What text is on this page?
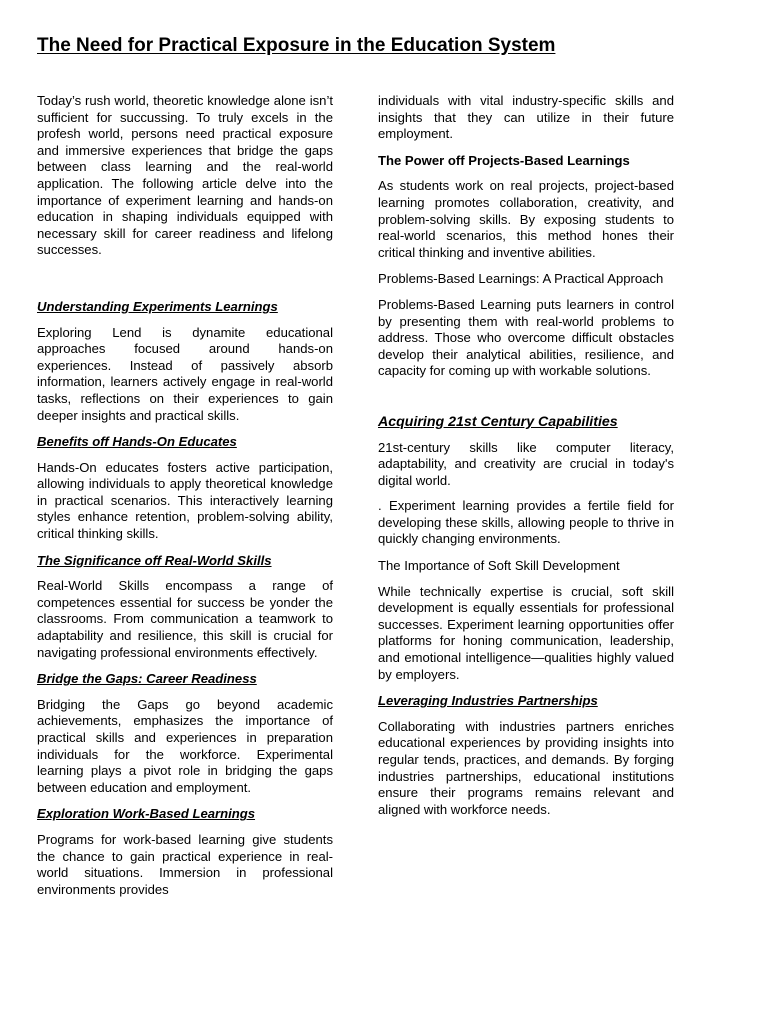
The Need for Practical Exposure in the Education System

Today’s rush world, theoretic knowledge alone isn’t sufficient for succussing. To truly excels in the profesh world, persons need practical exposure and immersive experiences that bridge the gaps between class learning and the real-world application. The following article delve into the importance of experiment learning and hands-on education in shaping individuals equipped with necessary skill for career readiness and lifelong successes.

Understanding Experiments Learnings

Exploring Lend is dynamite educational approaches focused around hands-on experiences. Instead of passively absorb information, learners actively engage in real-world tasks, reflections on their experiences to gain deeper insights and practical skills.

Benefits off Hands-On Educates

Hands-On educates fosters active participation, allowing individuals to apply theoretical knowledge in practical scenarios. This interactively learning styles enhance retention, problem-solving ability, critical thinking skills.

The Significance off Real-World Skills

Real-World Skills encompass a range of competences essential for success be yonder the classrooms. From communication a teamwork to adaptability and resilience, this skill is crucial for navigating professional environments effectively.

Bridge the Gaps: Career Readiness

Bridging the Gaps go beyond academic achievements, emphasizes the importance of practical skills and experiences in preparation individuals for the workforce. Experimental learning plays a pivot role in bridging the gaps between education and employment.

Exploration Work-Based Learnings

Programs for work-based learning give students the chance to gain practical experience in real-world situations. Immersion in professional environments provides

individuals with vital industry-specific skills and insights that they can utilize in their future employment.

The Power off Projects-Based Learnings

As students work on real projects, project-based learning promotes collaboration, creativity, and problem-solving skills. By exposing students to real-world scenarios, this method hones their critical thinking and inventive abilities.

Problems-Based Learnings: A Practical Approach

Problems-Based Learning puts learners in control by presenting them with real-world problems to address. Those who overcome difficult obstacles develop their analytical abilities, resilience, and capacity for coming up with workable solutions.

Acquiring 21st Century Capabilities

21st-century skills like computer literacy, adaptability, and creativity are crucial in today's digital world.

. Experiment learning provides a fertile field for developing these skills, allowing people to thrive in quickly changing environments.

The Importance of Soft Skill Development

While technically expertise is crucial, soft skill development is equally essentials for professional successes. Experiment learning opportunities offer platforms for honing communication, leadership, and emotional intelligence—qualities highly valued by employers.

Leveraging Industries Partnerships

Collaborating with industries partners enriches educational experiences by providing insights into regular tends, practices, and demands. By forging industries partnerships, educational institutions ensure their programs remains relevant and aligned with workforce needs.
